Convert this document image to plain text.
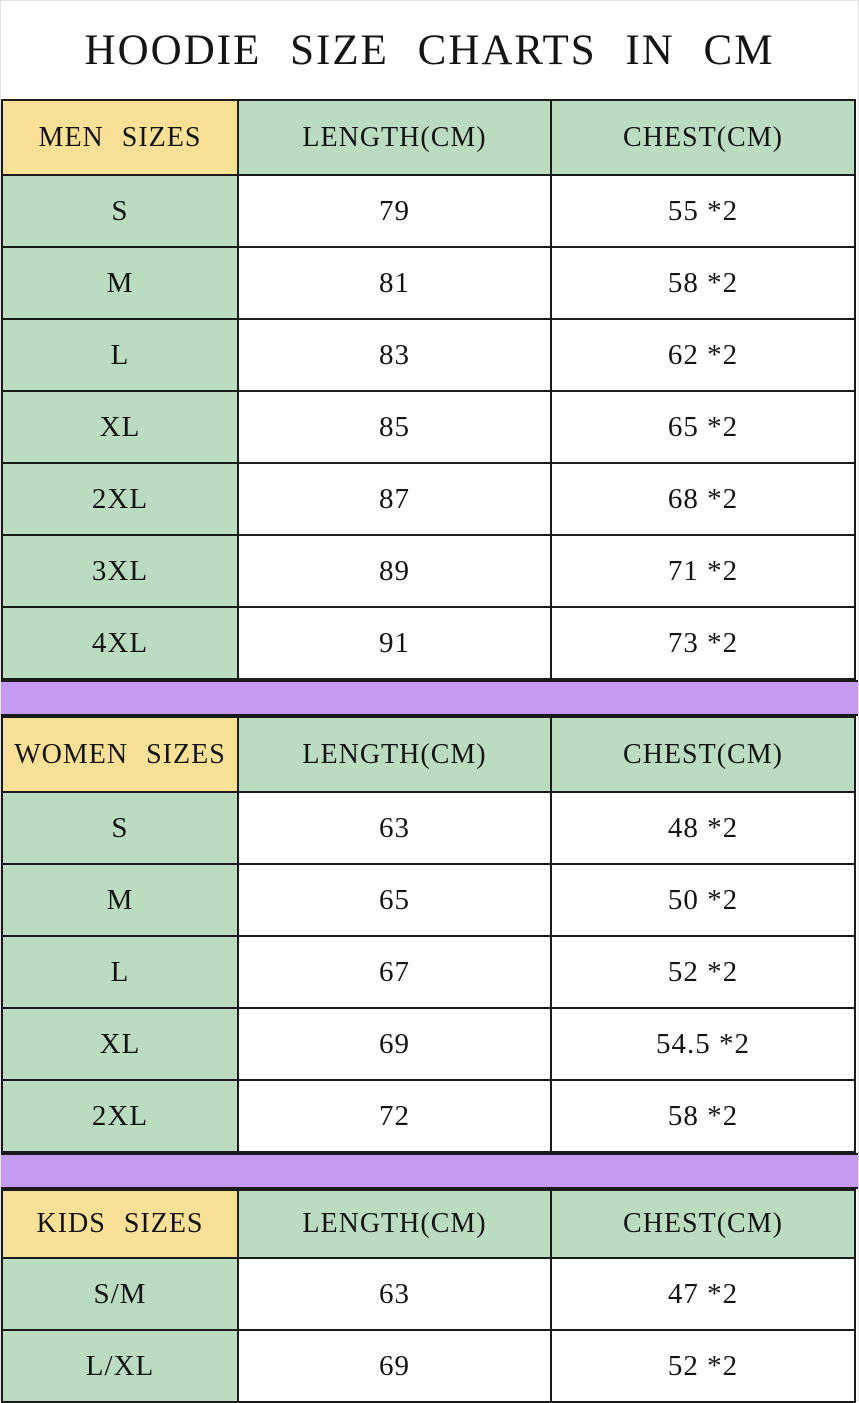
HOODIE SIZE CHARTS IN CM
MEN SIZES	LENGTH(CM)	CHEST(CM)
S	79	55 *2
M	81	58 *2
L	83	62 *2
XL	85	65 *2
2XL	87	68 *2
3XL	89	71 *2
4XL	91	73 *2
WOMEN SIZES	LENGTH(CM)	CHEST(CM)
S	63	48 *2
M	65	50 *2
L	67	52 *2
XL	69	54.5 *2
2XL	72	58 *2
KIDS SIZES	LENGTH(CM)	CHEST(CM)
S/M	63	47 *2
L/XL	69	52 *2
